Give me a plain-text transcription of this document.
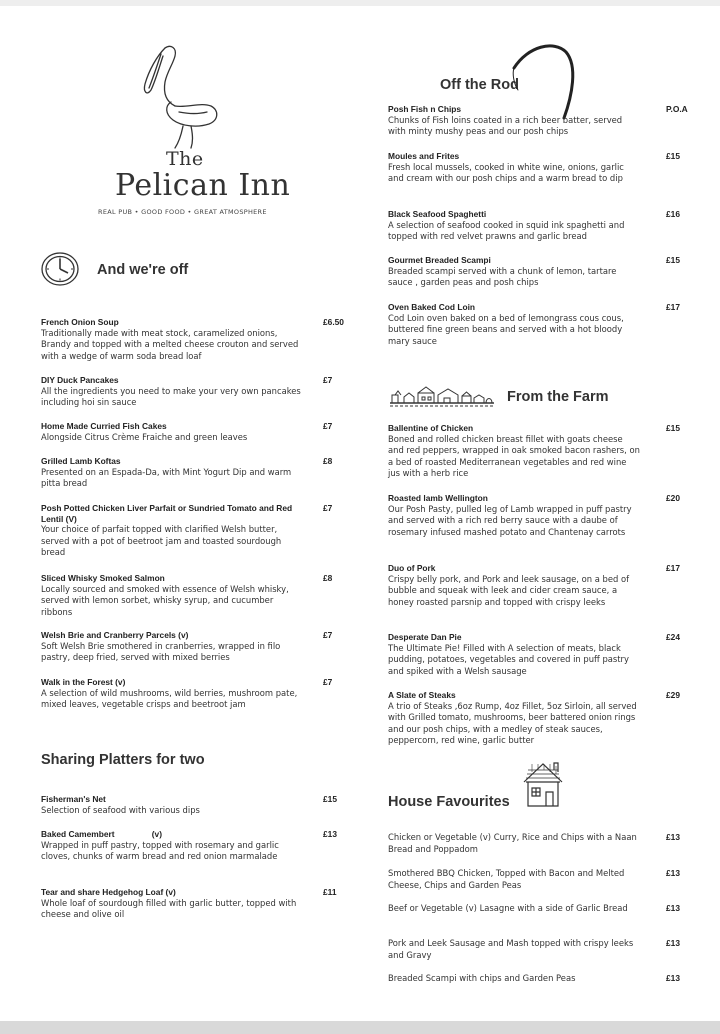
The
Pelican Inn
REAL PUB • GOOD FOOD • GREAT ATMOSPHERE
And we're off
French Onion Soup
Traditionally made with meat stock, caramelized onions, Brandy and topped with a melted cheese crouton and served with a wedge of warm soda bread loaf
£6.50
DIY Duck Pancakes
All the ingredients you need to make your very own pancakes including hoi sin sauce
£7
Home Made Curried Fish Cakes
Alongside Citrus Crème Fraiche and green leaves
£7
Grilled Lamb Koftas
Presented on an Espada-Da, with Mint Yogurt Dip and warm pitta bread
£8
Posh Potted Chicken Liver Parfait or Sundried Tomato and Red Lentil (V)
Your choice of parfait topped with clarified Welsh butter, served with a pot of beetroot jam and toasted sourdough bread
£7
Sliced Whisky Smoked Salmon
Locally sourced and smoked with essence of Welsh whisky, served with lemon sorbet, whisky syrup, and cucumber ribbons
£8
Welsh Brie and Cranberry Parcels (v)
Soft Welsh Brie smothered in cranberries, wrapped in filo pastry, deep fried, served with mixed berries
£7
Walk in the Forest (v)
A selection of wild mushrooms, wild berries, mushroom pate, mixed leaves, vegetable crisps and beetroot jam
£7
Sharing Platters for two
Fisherman's Net
Selection of seafood with various dips
£15
Baked Camembert                (v)
Wrapped in puff pastry, topped with rosemary and garlic cloves, chunks of warm bread and red onion marmalade
£13
Tear and share Hedgehog Loaf (v)
Whole loaf of sourdough filled with garlic butter, topped with cheese and olive oil
£11
Off the Rod
Posh Fish n Chips
Chunks of Fish loins coated in a rich beer batter, served with minty mushy peas and our posh chips
P.O.A
Moules and Frites
Fresh local mussels, cooked in white wine, onions, garlic and cream with our posh chips and a warm bread to dip
£15
Black Seafood Spaghetti
A selection of seafood cooked in squid ink spaghetti and topped with red velvet prawns and garlic bread
£16
Gourmet Breaded Scampi
Breaded scampi served with a chunk of lemon, tartare sauce , garden peas and posh chips
£15
Oven Baked Cod Loin
Cod Loin oven baked on a bed of lemongrass cous cous, buttered fine green beans and served with a hot bloody mary sauce
£17
From the Farm
Ballentine of Chicken
Boned and rolled chicken breast fillet with goats cheese and red peppers, wrapped in oak smoked bacon rashers, on a bed of roasted Mediterranean vegetables and red wine jus with a herb rice
£15
Roasted lamb Wellington
Our Posh Pasty, pulled leg of Lamb wrapped in puff pastry and served with a rich red berry sauce with a daube of rosemary infused mashed potato and Chantenay carrots
£20
Duo of Pork
Crispy belly pork, and Pork and leek sausage, on a bed of bubble and squeak with leek and cider cream sauce, a honey roasted parsnip and topped with crispy leeks
£17
Desperate Dan Pie
The Ultimate Pie! Filled with A selection of meats, black pudding, potatoes, vegetables and covered in puff pastry and spiked with a Welsh sausage
£24
A Slate of Steaks
A trio of Steaks ,6oz Rump, 4oz Fillet, 5oz Sirloin, all served with Grilled tomato, mushrooms, beer battered onion rings and our posh chips, with a medley of steak sauces, peppercorn, red wine, garlic butter
£29
House Favourites
Chicken or Vegetable (v) Curry, Rice and Chips with a Naan Bread and Poppadom
£13
Smothered BBQ Chicken, Topped with Bacon and Melted Cheese, Chips and Garden Peas
£13
Beef or Vegetable (v) Lasagne with a side of Garlic Bread	£13
Pork and Leek Sausage and Mash topped with crispy leeks and Gravy
£13
Breaded Scampi with chips and Garden Peas	£13
